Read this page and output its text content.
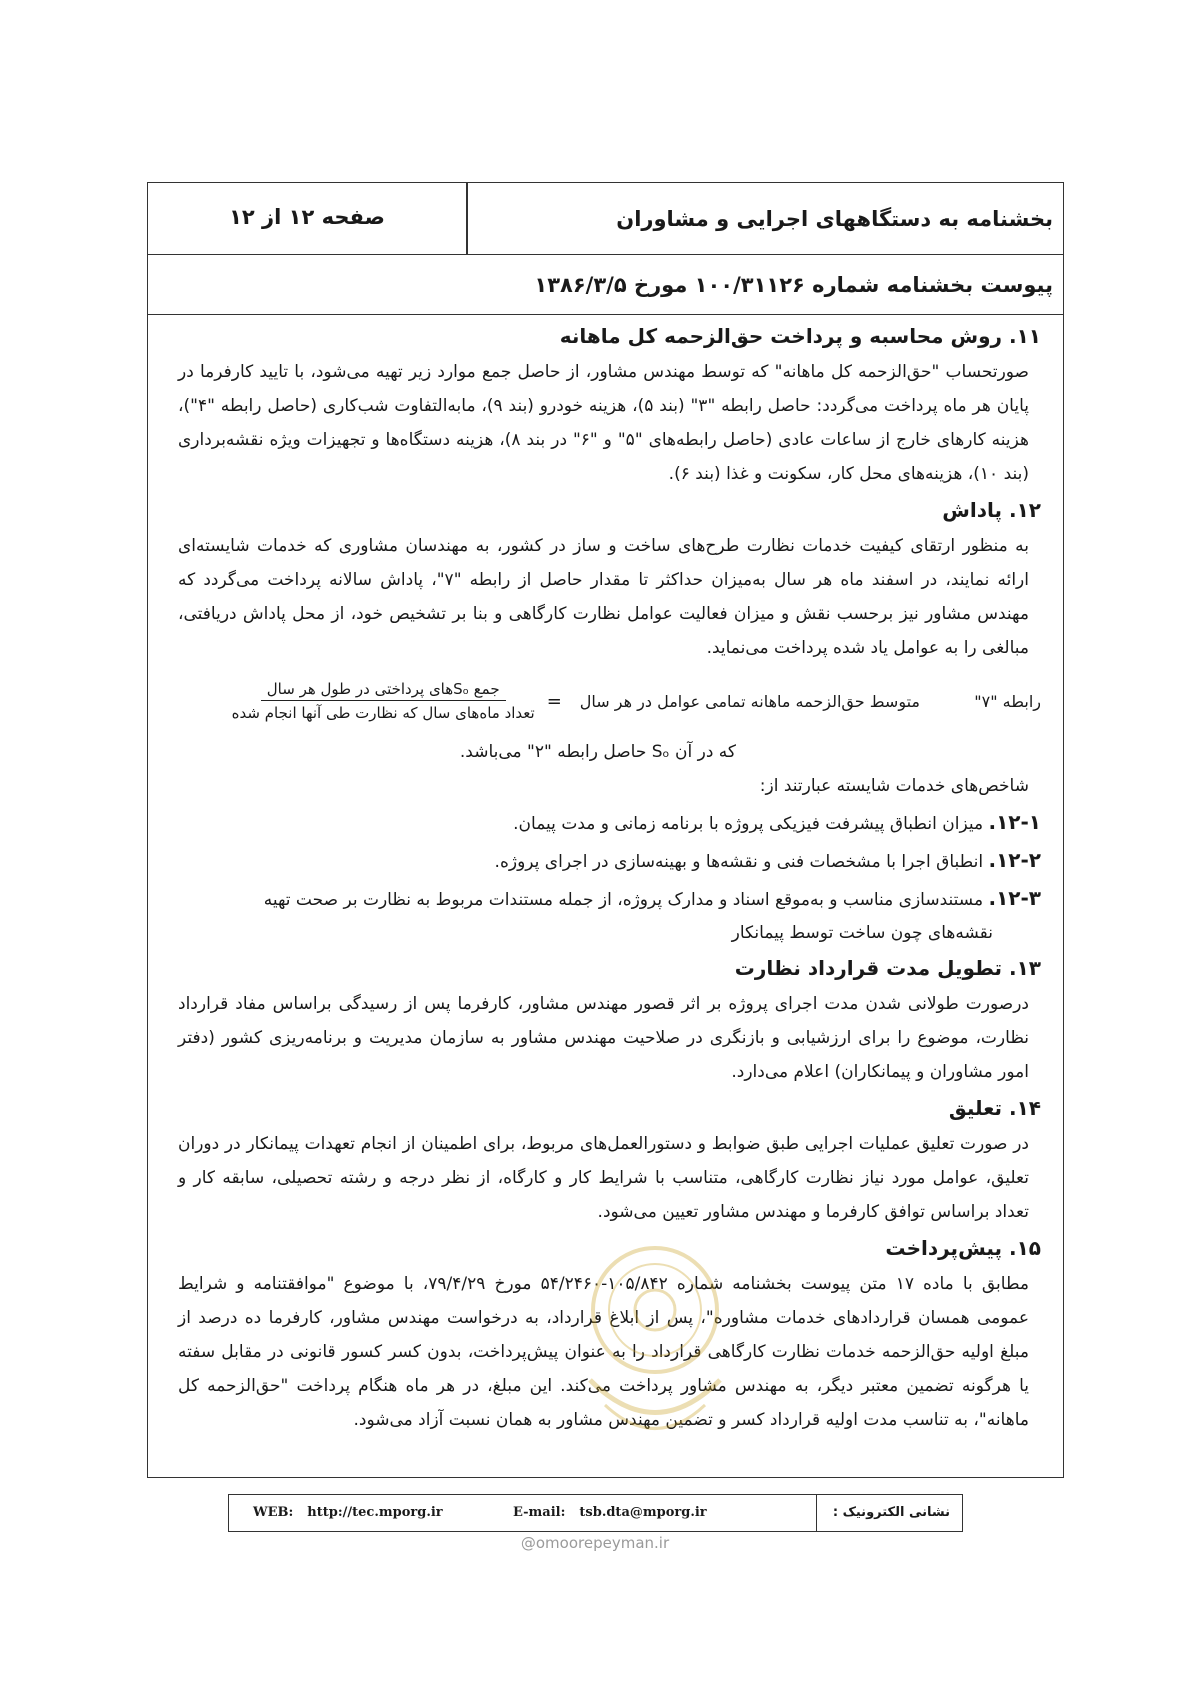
بخشنامه به دستگاههای اجرایی و مشاوران
صفحه ۱۲ از ۱۲
پیوست بخشنامه شماره ۱۰۰/۳۱۱۲۶ مورخ ۱۳۸۶/۳/۵

۱۱. روش محاسبه و پرداخت حق‌الزحمه کل ماهانه

صورتحساب "حق‌الزحمه کل ماهانه" که توسط مهندس مشاور، از حاصل جمع موارد زیر تهیه می‌شود، با تایید کارفرما در پایان هر ماه پرداخت می‌گردد: حاصل رابطه "۳" (بند ۵)، هزینه خودرو (بند ۹)، مابه‌التفاوت شب‌کاری (حاصل رابطه "۴")، هزینه کارهای خارج از ساعات عادی (حاصل رابطه‌های "۵" و "۶" در بند ۸)، هزینه دستگاه‌ها و تجهیزات ویژه نقشه‌برداری (بند ۱۰)، هزینه‌های محل کار، سکونت و غذا (بند ۶).

۱۲. پاداش

به منظور ارتقای کیفیت خدمات نظارت طرح‌های ساخت و ساز در کشور، به مهندسان مشاوری که خدمات شایسته‌ای ارائه نمایند، در اسفند ماه هر سال به‌میزان حداکثر تا مقدار حاصل از رابطه "۷"، پاداش سالانه پرداخت می‌گردد که مهندس مشاور نیز برحسب نقش و میزان فعالیت عوامل نظارت کارگاهی و بنا بر تشخیص خود، از محل پاداش دریافتی، مبالغی را به عوامل یاد شده پرداخت می‌نماید.

رابطه "۷"
متوسط حق‌الزحمه ماهانه تمامی عوامل در هر سال
=
$\frac{\text{جمع Sₒهای پرداختی در طول هر سال}}{\text{تعداد ماه‌های سال که نظارت طی آنها انجام شده}}$

که در آن Sₒ حاصل رابطه "۲" می‌باشد.

شاخص‌های خدمات شایسته عبارتند از:

۱۲-۱. میزان انطباق پیشرفت فیزیکی پروژه با برنامه زمانی و مدت پیمان.

۱۲-۲. انطباق اجرا با مشخصات فنی و نقشه‌ها و بهینه‌سازی در اجرای پروژه.

۱۲-۳. مستندسازی مناسب و به‌موقع اسناد و مدارک پروژه، از جمله مستندات مربوط به نظارت بر صحت تهیه

نقشه‌های چون ساخت توسط پیمانکار

۱۳. تطویل مدت قرارداد نظارت

درصورت طولانی شدن مدت اجرای پروژه بر اثر قصور مهندس مشاور، کارفرما پس از رسیدگی براساس مفاد قرارداد نظارت، موضوع را برای ارزشیابی و بازنگری در صلاحیت مهندس مشاور به سازمان مدیریت و برنامه‌ریزی کشور (دفتر امور مشاوران و پیمانکاران) اعلام می‌دارد.

۱۴. تعلیق

در صورت تعلیق عملیات اجرایی طبق ضوابط و دستورالعمل‌های مربوط، برای اطمینان از انجام تعهدات پیمانکار در دوران تعلیق، عوامل مورد نیاز نظارت کارگاهی، متناسب با شرایط کار و کارگاه، از نظر درجه و رشته تحصیلی، سابقه کار و تعداد براساس توافق کارفرما و مهندس مشاور تعیین می‌شود.

۱۵. پیش‌پرداخت

مطابق با ماده ۱۷ متن پیوست بخشنامه شماره ۱۰۵/۸۴۲-۵۴/۲۴۶۰ مورخ ۷۹/۴/۲۹، با موضوع "موافقتنامه و شرایط عمومی همسان قراردادهای خدمات مشاوره"، پس از ابلاغ قرارداد، به درخواست مهندس مشاور، کارفرما ده درصد از مبلغ اولیه حق‌الزحمه خدمات نظارت کارگاهی قرارداد را به عنوان پیش‌پرداخت، بدون کسر کسور قانونی در مقابل سفته یا هرگونه تضمین معتبر دیگر، به مهندس مشاور پرداخت می‌کند. این مبلغ، در هر ماه هنگام پرداخت "حق‌الزحمه کل ماهانه"، به تناسب مدت اولیه قرارداد کسر و تضمین مهندس مشاور به همان نسبت آزاد می‌شود.

نشانی الکترونیک :
E-mail: tsb.dta@mporg.ir
WEB: http://tec.mporg.ir
@omoorepeyman.ir
